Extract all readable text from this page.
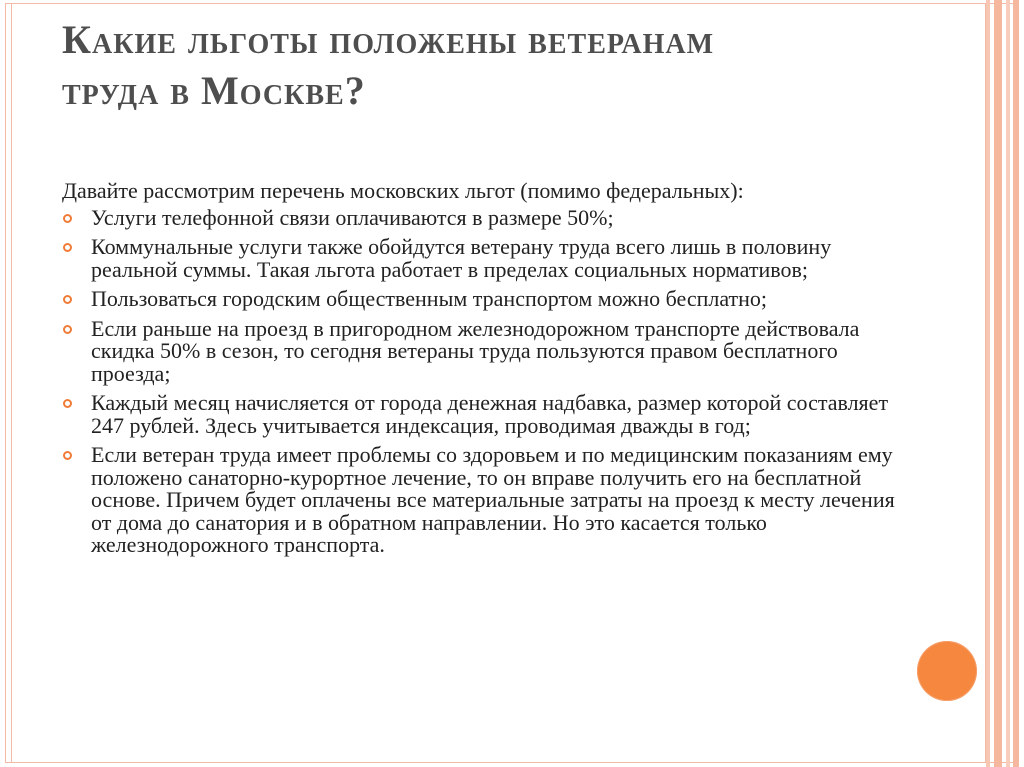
Какие льготы положены ветеранам
труда в Москве?

Давайте рассмотрим перечень московских льгот (помимо федеральных):

Услуги телефонной связи оплачиваются в размере 50%;
Коммунальные услуги также обойдутся ветерану труда всего лишь в половину реальной суммы. Такая льгота работает в пределах социальных нормативов;
Пользоваться городским общественным транспортом можно бесплатно;
Если раньше на проезд в пригородном железнодорожном транспорте действовала скидка 50% в сезон, то сегодня ветераны труда пользуются правом бесплатного проезда;
Каждый месяц начисляется от города денежная надбавка, размер которой составляет 247 рублей. Здесь учитывается индексация, проводимая дважды в год;
Если ветеран труда имеет проблемы со здоровьем и по медицинским показаниям ему положено санаторно-курортное лечение, то он вправе получить его на бесплатной основе. Причем будет оплачены все материальные затраты на проезд к месту лечения от дома до санатория и в обратном направлении. Но это касается только железнодорожного транспорта.
